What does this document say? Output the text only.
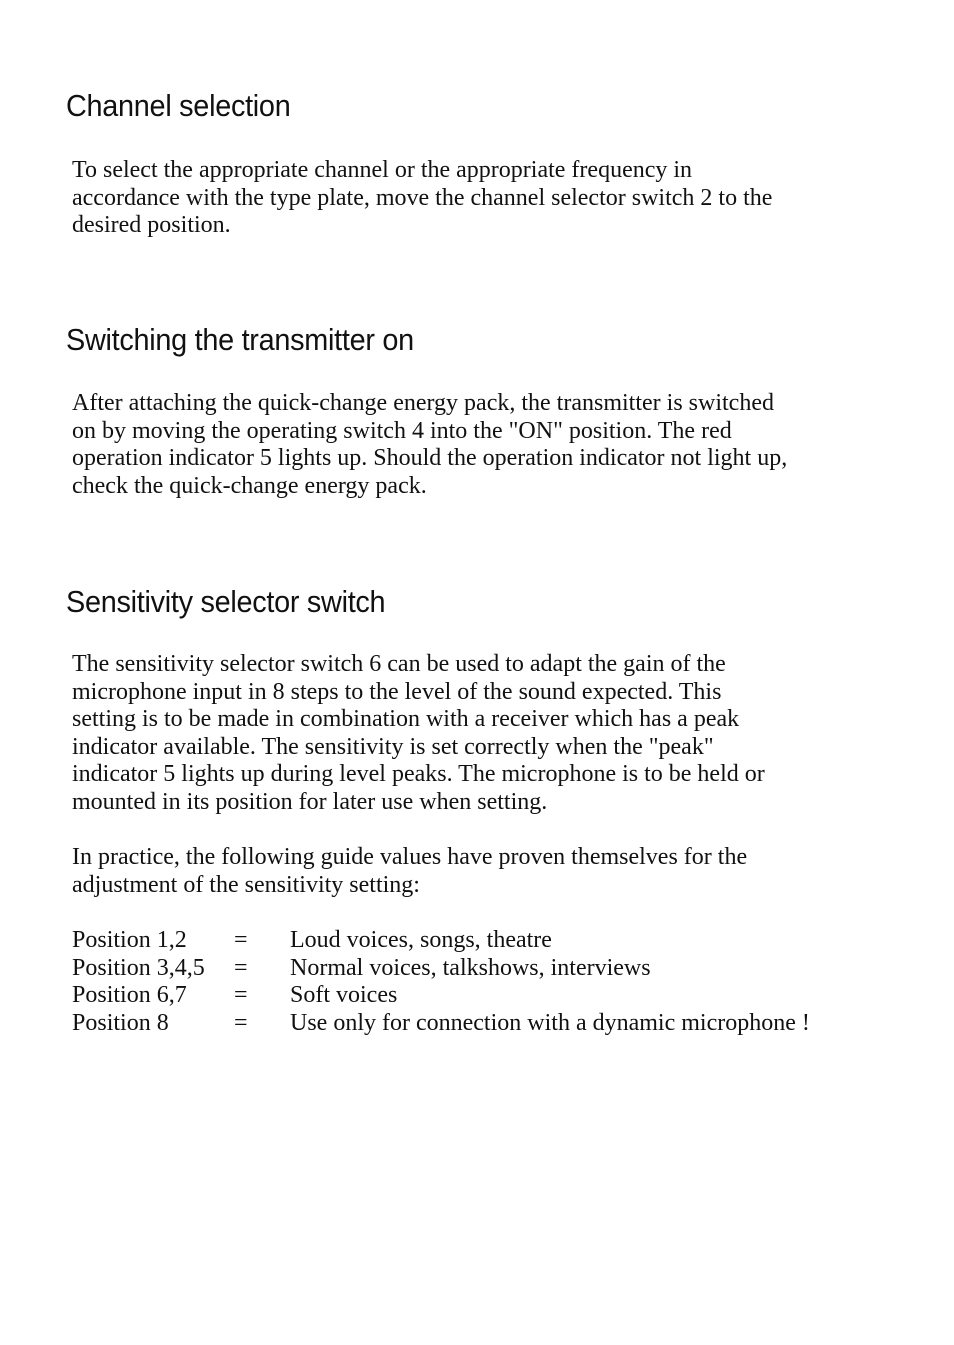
Channel selection

To select the appropriate channel or the appropriate frequency in
accordance with the type plate, move the channel selector switch 2 to the
desired position.

Switching the transmitter on

After attaching the quick-change energy pack, the transmitter is switched
on by moving the operating switch 4 into the "ON" position. The red
operation indicator 5 lights up. Should the operation indicator not light up,
check the quick-change energy pack.

Sensitivity selector switch

The sensitivity selector switch 6 can be used to adapt the gain of the
microphone input in 8 steps to the level of the sound expected. This
setting is to be made in combination with a receiver which has a peak
indicator available. The sensitivity is set correctly when the "peak"
indicator 5 lights up during level peaks. The microphone is to be held or
mounted in its position for later use when setting.

In practice, the following guide values have proven themselves for the
adjustment of the sensitivity setting:

Position 1,2 = Loud voices, songs, theatre
Position 3,4,5 = Normal voices, talkshows, interviews
Position 6,7 = Soft voices
Position 8	= Use only for connection with a dynamic microphone !
